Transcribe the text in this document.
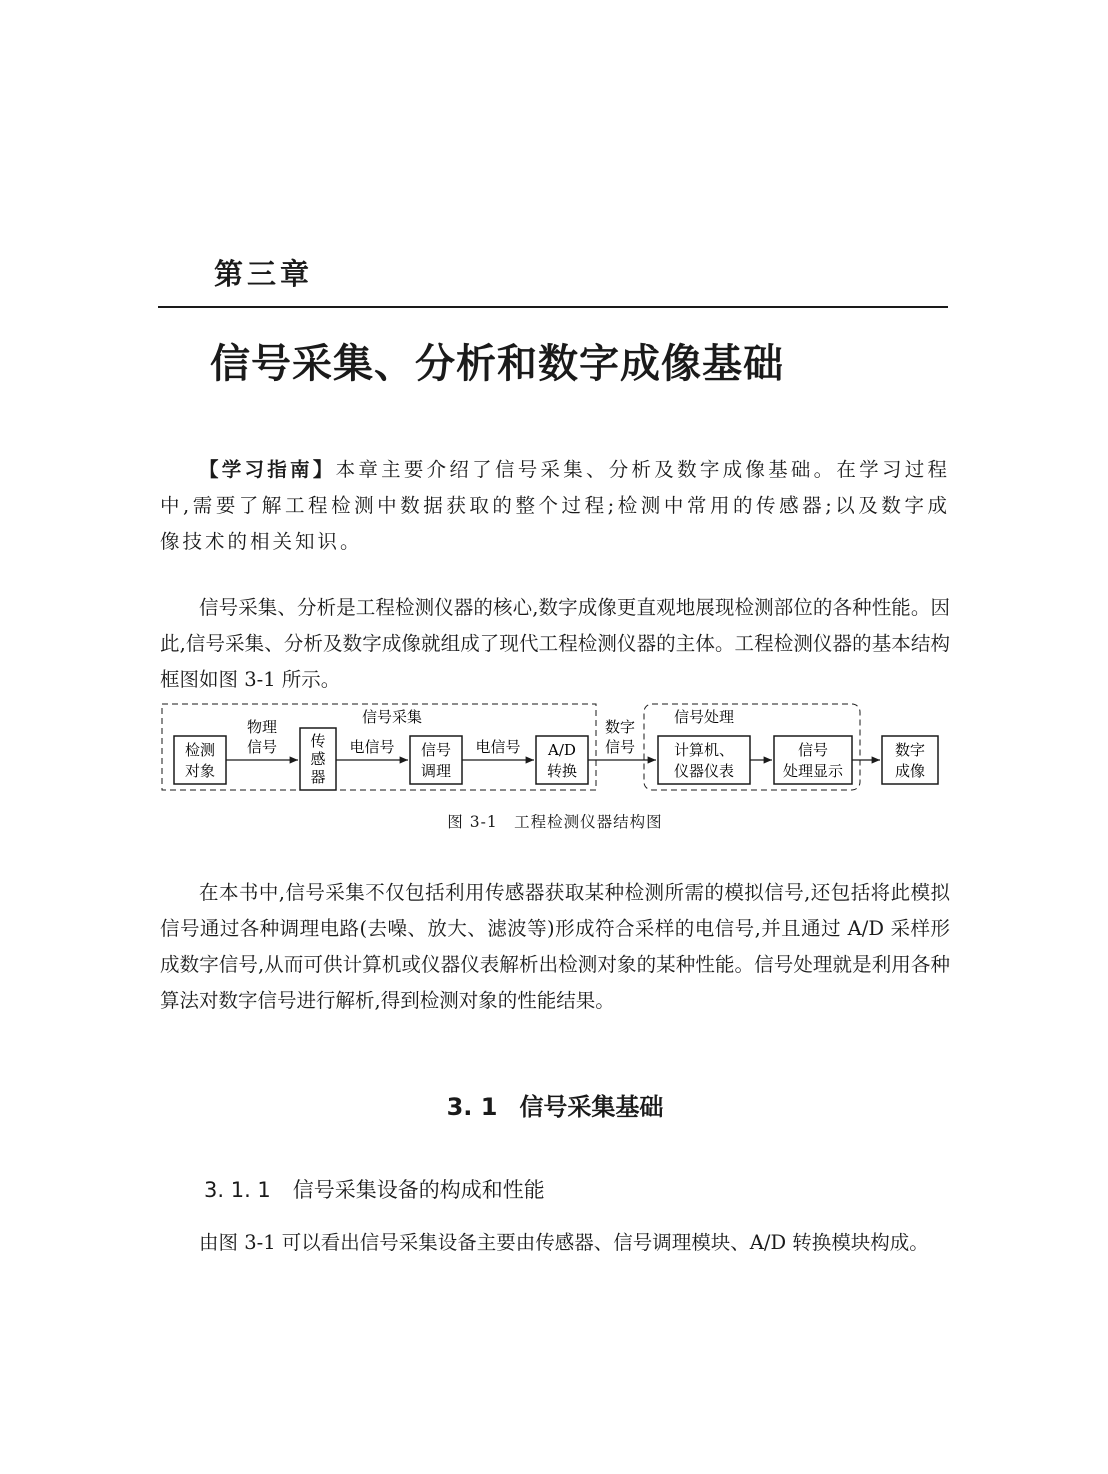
第三章
信号采集、分析和数字成像基础

【学习指南】本章主要介绍了信号采集、分析及数字成像基础。在学习过程中,需要了解工程检测中数据获取的整个过程;检测中常用的传感器;以及数字成像技术的相关知识。

信号采集、分析是工程检测仪器的核心,数字成像更直观地展现检测部位的各种性能。因此,信号采集、分析及数字成像就组成了现代工程检测仪器的主体。工程检测仪器的基本结构框图如图 3-1 所示。

信号采集	信号处理
检测
对象
传
感
器
信号
调理
A/D
转换
计算机、
仪器仪表
信号
处理显示
数字
成像
物理
信号	电信号	电信号
数字
信号
图 3-1　工程检测仪器结构图

在本书中,信号采集不仅包括利用传感器获取某种检测所需的模拟信号,还包括将此模拟信号通过各种调理电路(去噪、放大、滤波等)形成符合采样的电信号,并且通过 A/D 采样形成数字信号,从而可供计算机或仪器仪表解析出检测对象的某种性能。信号处理就是利用各种算法对数字信号进行解析,得到检测对象的性能结果。

3. 1 信号采集基础
3. 1. 1 信号采集设备的构成和性能

由图 3-1 可以看出信号采集设备主要由传感器、信号调理模块、A/D 转换模块构成。
